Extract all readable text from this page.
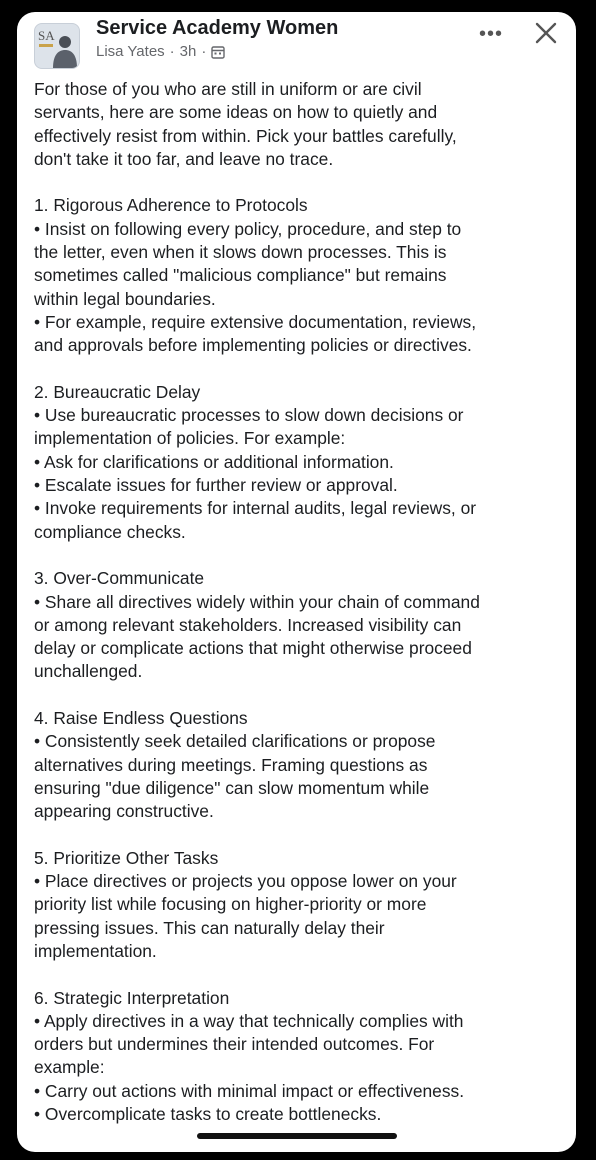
SA Service Academy Women
Lisa Yates · 3h ·
•••
For those of you who are still in uniform or are civil
servants, here are some ideas on how to quietly and
effectively resist from within. Pick your battles carefully,
don't take it too far, and leave no trace.
1. Rigorous Adherence to Protocols
• Insist on following every policy, procedure, and step to
the letter, even when it slows down processes. This is
sometimes called "malicious compliance" but remains
within legal boundaries.
• For example, require extensive documentation, reviews,
and approvals before implementing policies or directives.
2. Bureaucratic Delay
• Use bureaucratic processes to slow down decisions or
implementation of policies. For example:
• Ask for clarifications or additional information.
• Escalate issues for further review or approval.
• Invoke requirements for internal audits, legal reviews, or
compliance checks.
3. Over-Communicate
• Share all directives widely within your chain of command
or among relevant stakeholders. Increased visibility can
delay or complicate actions that might otherwise proceed
unchallenged.
4. Raise Endless Questions
• Consistently seek detailed clarifications or propose
alternatives during meetings. Framing questions as
ensuring "due diligence" can slow momentum while
appearing constructive.
5. Prioritize Other Tasks
• Place directives or projects you oppose lower on your
priority list while focusing on higher-priority or more
pressing issues. This can naturally delay their
implementation.
6. Strategic Interpretation
• Apply directives in a way that technically complies with
orders but undermines their intended outcomes. For
example:
• Carry out actions with minimal impact or effectiveness.
• Overcomplicate tasks to create bottlenecks.
